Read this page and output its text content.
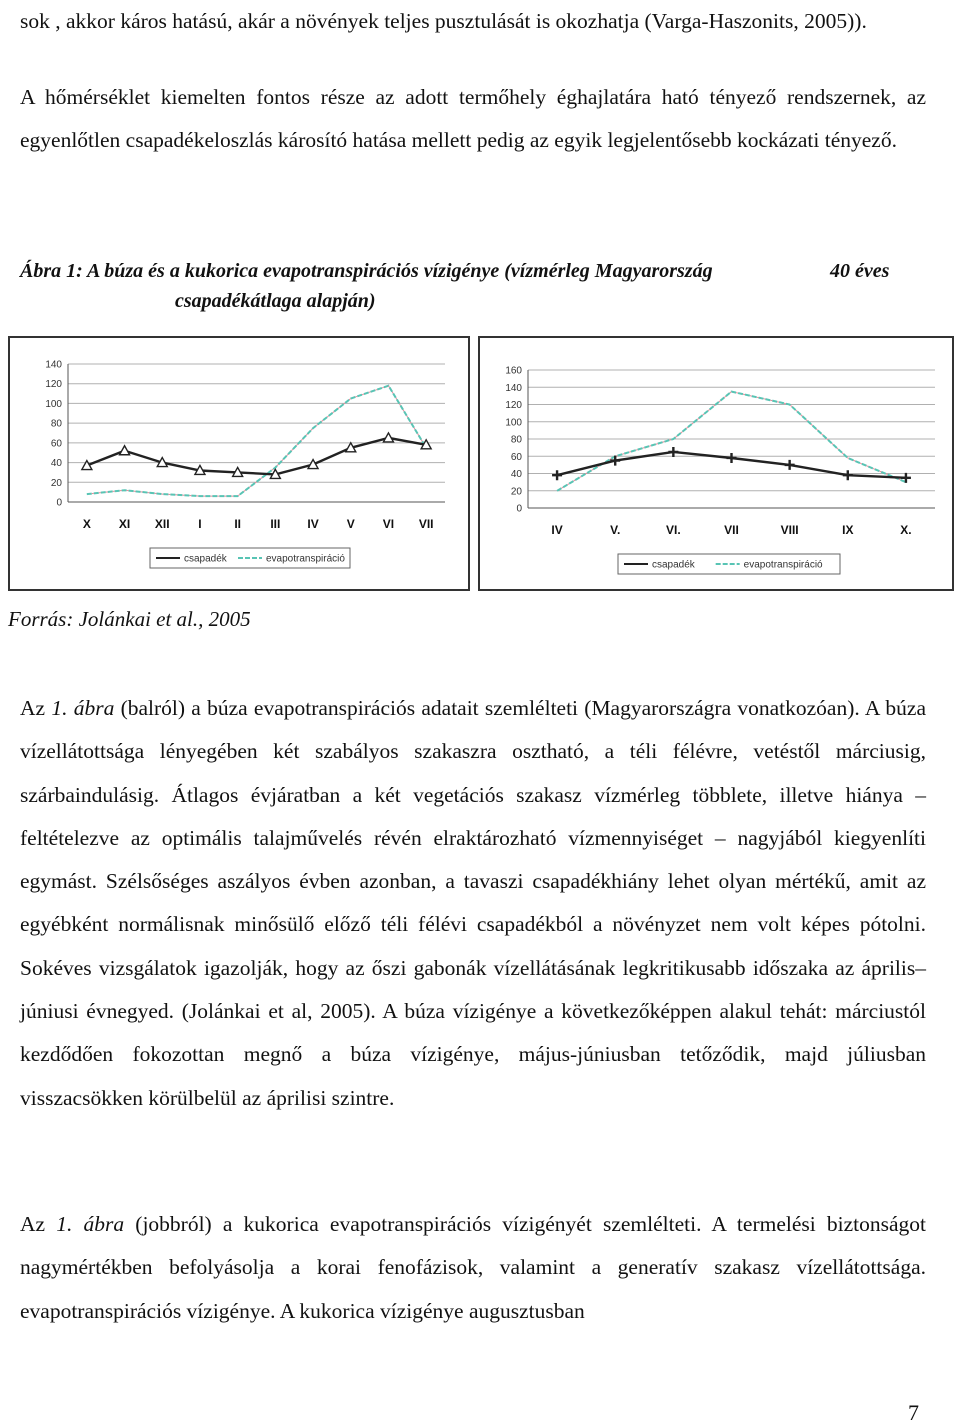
sok , akkor káros hatású, akár a növények teljes pusztulását is okozhatja (Varga-Haszonits, 2005)).

A hőmérséklet kiemelten fontos része az adott termőhely éghajlatára ható tényező rendszernek, az egyenlőtlen csapadékeloszlás károsító hatása mellett pedig az egyik legjelentősebb kockázati tényező.

Ábra 1: A búza és a kukorica evapotranspirációs vízigénye (vízmérleg Magyarország	40 éves
csapadékátlaga alapján)
0
20
40
60
80
100
120
140
X XI XII I	II III IV V VI VII
csapadék	evapotranspiráció
0
20
40
60
80
100
120
140
160
IV	V.	VI.	VII	VIII	IX	X.
csapadék	evapotranspiráció
Forrás: Jolánkai et al., 2005

Az 1. ábra (balról) a búza evapotranspirációs adatait szemlélteti (Magyarországra vonatkozóan). A búza vízellátottsága lényegében két szabályos szakaszra osztható, a téli félévre, vetéstől márciusig, szárbaindulásig. Átlagos évjáratban a két vegetációs szakasz vízmérleg többlete, illetve hiánya – feltételezve az optimális talajművelés révén elraktározható vízmennyiséget – nagyjából kiegyenlíti egymást. Szélsőséges aszályos évben azonban, a tavaszi csapadékhiány lehet olyan mértékű, amit az egyébként normálisnak minősülő előző téli félévi csapadékból a növényzet nem volt képes pótolni. Sokéves vizsgálatok igazolják, hogy az őszi gabonák vízellátásának legkritikusabb időszaka az április–júniusi évnegyed. (Jolánkai et al, 2005). A búza vízigénye a következőképpen alakul tehát: márciustól kezdődően fokozottan megnő a búza vízigénye, május-júniusban tetőződik, majd júliusban visszacsökken körülbelül az áprilisi szintre.

Az 1. ábra (jobbról) a kukorica evapotranspirációs vízigényét szemlélteti. A termelési biztonságot nagymértékben befolyásolja a korai fenofázisok, valamint a generatív szakasz vízellátottsága. evapotranspirációs vízigénye. A kukorica vízigénye augusztusban

7
